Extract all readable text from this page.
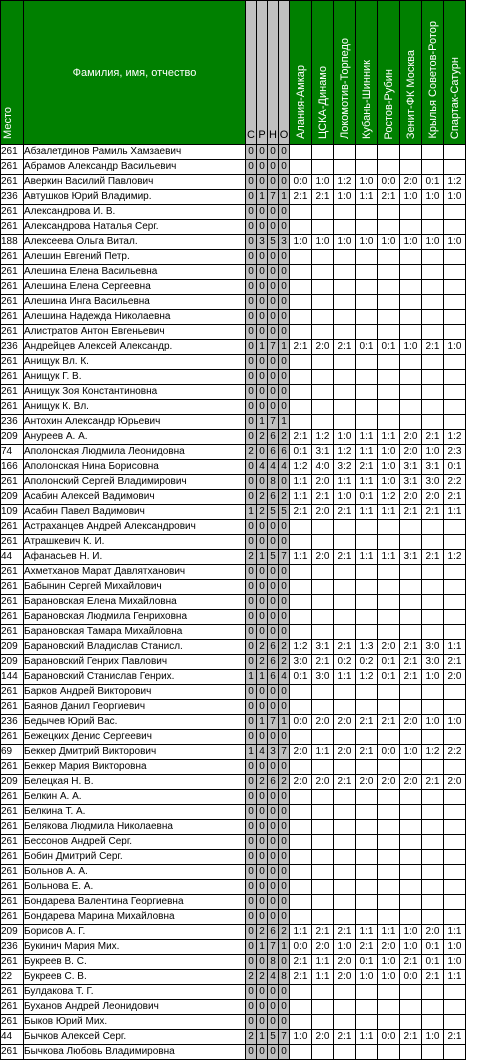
Место	Фамилия, имя, отчество	С	Р	Н	О	Алания-Амкар	ЦСКА-Динамо	Локомотив-Торпедо	Кубань-Шинник	Ростов-Рубин	Зенит-ФК Москва	Крылья Советов-Ротор	Спартак-Сатурн
261	Абзалетдинов Рамиль Хамзаевич	0	0	0	0								
261	Абрамов Александр Васильевич	0	0	0	0								
261	Аверкин Василий Павлович	0	0	0	0	0:0	1:0	1:2	1:0	0:0	2:0	0:1	1:2
236	Автушков Юрий Владимир.	0	1	7	1	2:1	2:1	1:0	1:1	2:1	1:0	1:0	1:0
261	Александрова И. В.	0	0	0	0								
261	Александрова Наталья Серг.	0	0	0	0								
188	Алексеева Ольга Витал.	0	3	5	3	1:0	1:0	1:0	1:0	1:0	1:0	1:0	1:0
261	Алешин Евгений Петр.	0	0	0	0								
261	Алешина Елена Васильевна	0	0	0	0								
261	Алешина Елена Сергеевна	0	0	0	0								
261	Алешина Инга Васильевна	0	0	0	0								
261	Алешина Надежда Николаевна	0	0	0	0								
261	Алистратов Антон Евгеньевич	0	0	0	0								
236	Андрейцев Алексей Александр.	0	1	7	1	2:1	2:0	2:1	0:1	0:1	1:0	2:1	1:0
261	Анищук Вл. К.	0	0	0	0								
261	Анищук Г. В.	0	0	0	0								
261	Анищук Зоя Константиновна	0	0	0	0								
261	Анищук К. Вл.	0	0	0	0								
236	Антохин Александр Юрьевич	0	1	7	1								
209	Ануреев А. А.	0	2	6	2	2:1	1:2	1:0	1:1	1:1	2:0	2:1	1:2
74	Аполонская Людмила Леонидовна	2	0	6	6	0:1	3:1	1:2	1:1	1:0	2:0	1:0	2:3
166	Аполонская Нина Борисовна	0	4	4	4	1:2	4:0	3:2	2:1	1:0	3:1	3:1	0:1
261	Аполонский Сергей Владимирович	0	0	8	0	1:1	2:0	1:1	1:1	1:0	3:1	3:0	2:2
209	Асабин Алексей Вадимович	0	2	6	2	1:1	2:1	1:0	0:1	1:2	2:0	2:0	2:1
109	Асабин Павел Вадимович	1	2	5	5	2:1	2:0	2:1	1:1	1:1	2:1	2:1	1:1
261	Астраханцев Андрей Александрович	0	0	0	0								
261	Атрашкевич К. И.	0	0	0	0								
44	Афанасьев Н. И.	2	1	5	7	1:1	2:0	2:1	1:1	1:1	3:1	2:1	1:2
261	Ахметханов Марат Давлятханович	0	0	0	0								
261	Бабынин Сергей Михайлович	0	0	0	0								
261	Барановская Елена Михайловна	0	0	0	0								
261	Барановская Людмила Генриховна	0	0	0	0								
261	Барановская Тамара Михайловна	0	0	0	0								
209	Барановский Владислав Станисл.	0	2	6	2	1:2	3:1	2:1	1:3	2:0	2:1	3:0	1:1
209	Барановский Генрих Павлович	0	2	6	2	3:0	2:1	0:2	0:2	0:1	2:1	3:0	2:1
144	Барановский Станислав Генрих.	1	1	6	4	0:1	3:0	1:1	1:2	0:1	2:1	1:0	2:0
261	Барков Андрей Викторович	0	0	0	0								
261	Баянов Данил Георгиевич	0	0	0	0								
236	Бедычев Юрий Вас.	0	1	7	1	0:0	2:0	2:0	2:1	2:1	2:0	1:0	1:0
261	Бежецких Денис Сергеевич	0	0	0	0								
69	Беккер Дмитрий Викторович	1	4	3	7	2:0	1:1	2:0	2:1	0:0	1:0	1:2	2:2
261	Беккер Мария Викторовна	0	0	0	0								
209	Белецкая Н. В.	0	2	6	2	2:0	2:0	2:1	2:0	2:0	2:0	2:1	2:0
261	Белкин А. А.	0	0	0	0								
261	Белкина Т. А.	0	0	0	0								
261	Белякова Людмила Николаевна	0	0	0	0								
261	Бессонов Андрей Серг.	0	0	0	0								
261	Бобин Дмитрий Серг.	0	0	0	0								
261	Больнов А. А.	0	0	0	0								
261	Больнова Е. А.	0	0	0	0								
261	Бондарева Валентина Георгиевна	0	0	0	0								
261	Бондарева Марина Михайловна	0	0	0	0								
209	Борисов А. Г.	0	2	6	2	1:1	2:1	2:1	1:1	1:1	1:0	2:0	1:1
236	Букинич Мария Мих.	0	1	7	1	0:0	2:0	1:0	2:1	2:0	1:0	0:1	1:0
261	Букреев В. С.	0	0	8	0	2:1	1:1	2:0	0:1	1:0	2:1	0:1	1:0
22	Букреев С. В.	2	2	4	8	2:1	1:1	2:0	1:0	1:0	0:0	2:1	1:1
261	Булдакова Т. Г.	0	0	0	0								
261	Буханов Андрей Леонидович	0	0	0	0								
261	Быков Юрий Мих.	0	0	0	0								
44	Бычков Алексей Серг.	2	1	5	7	1:0	2:0	2:1	1:1	0:0	2:1	1:0	2:1
261	Бычкова Любовь Владимировна	0	0	0	0								
